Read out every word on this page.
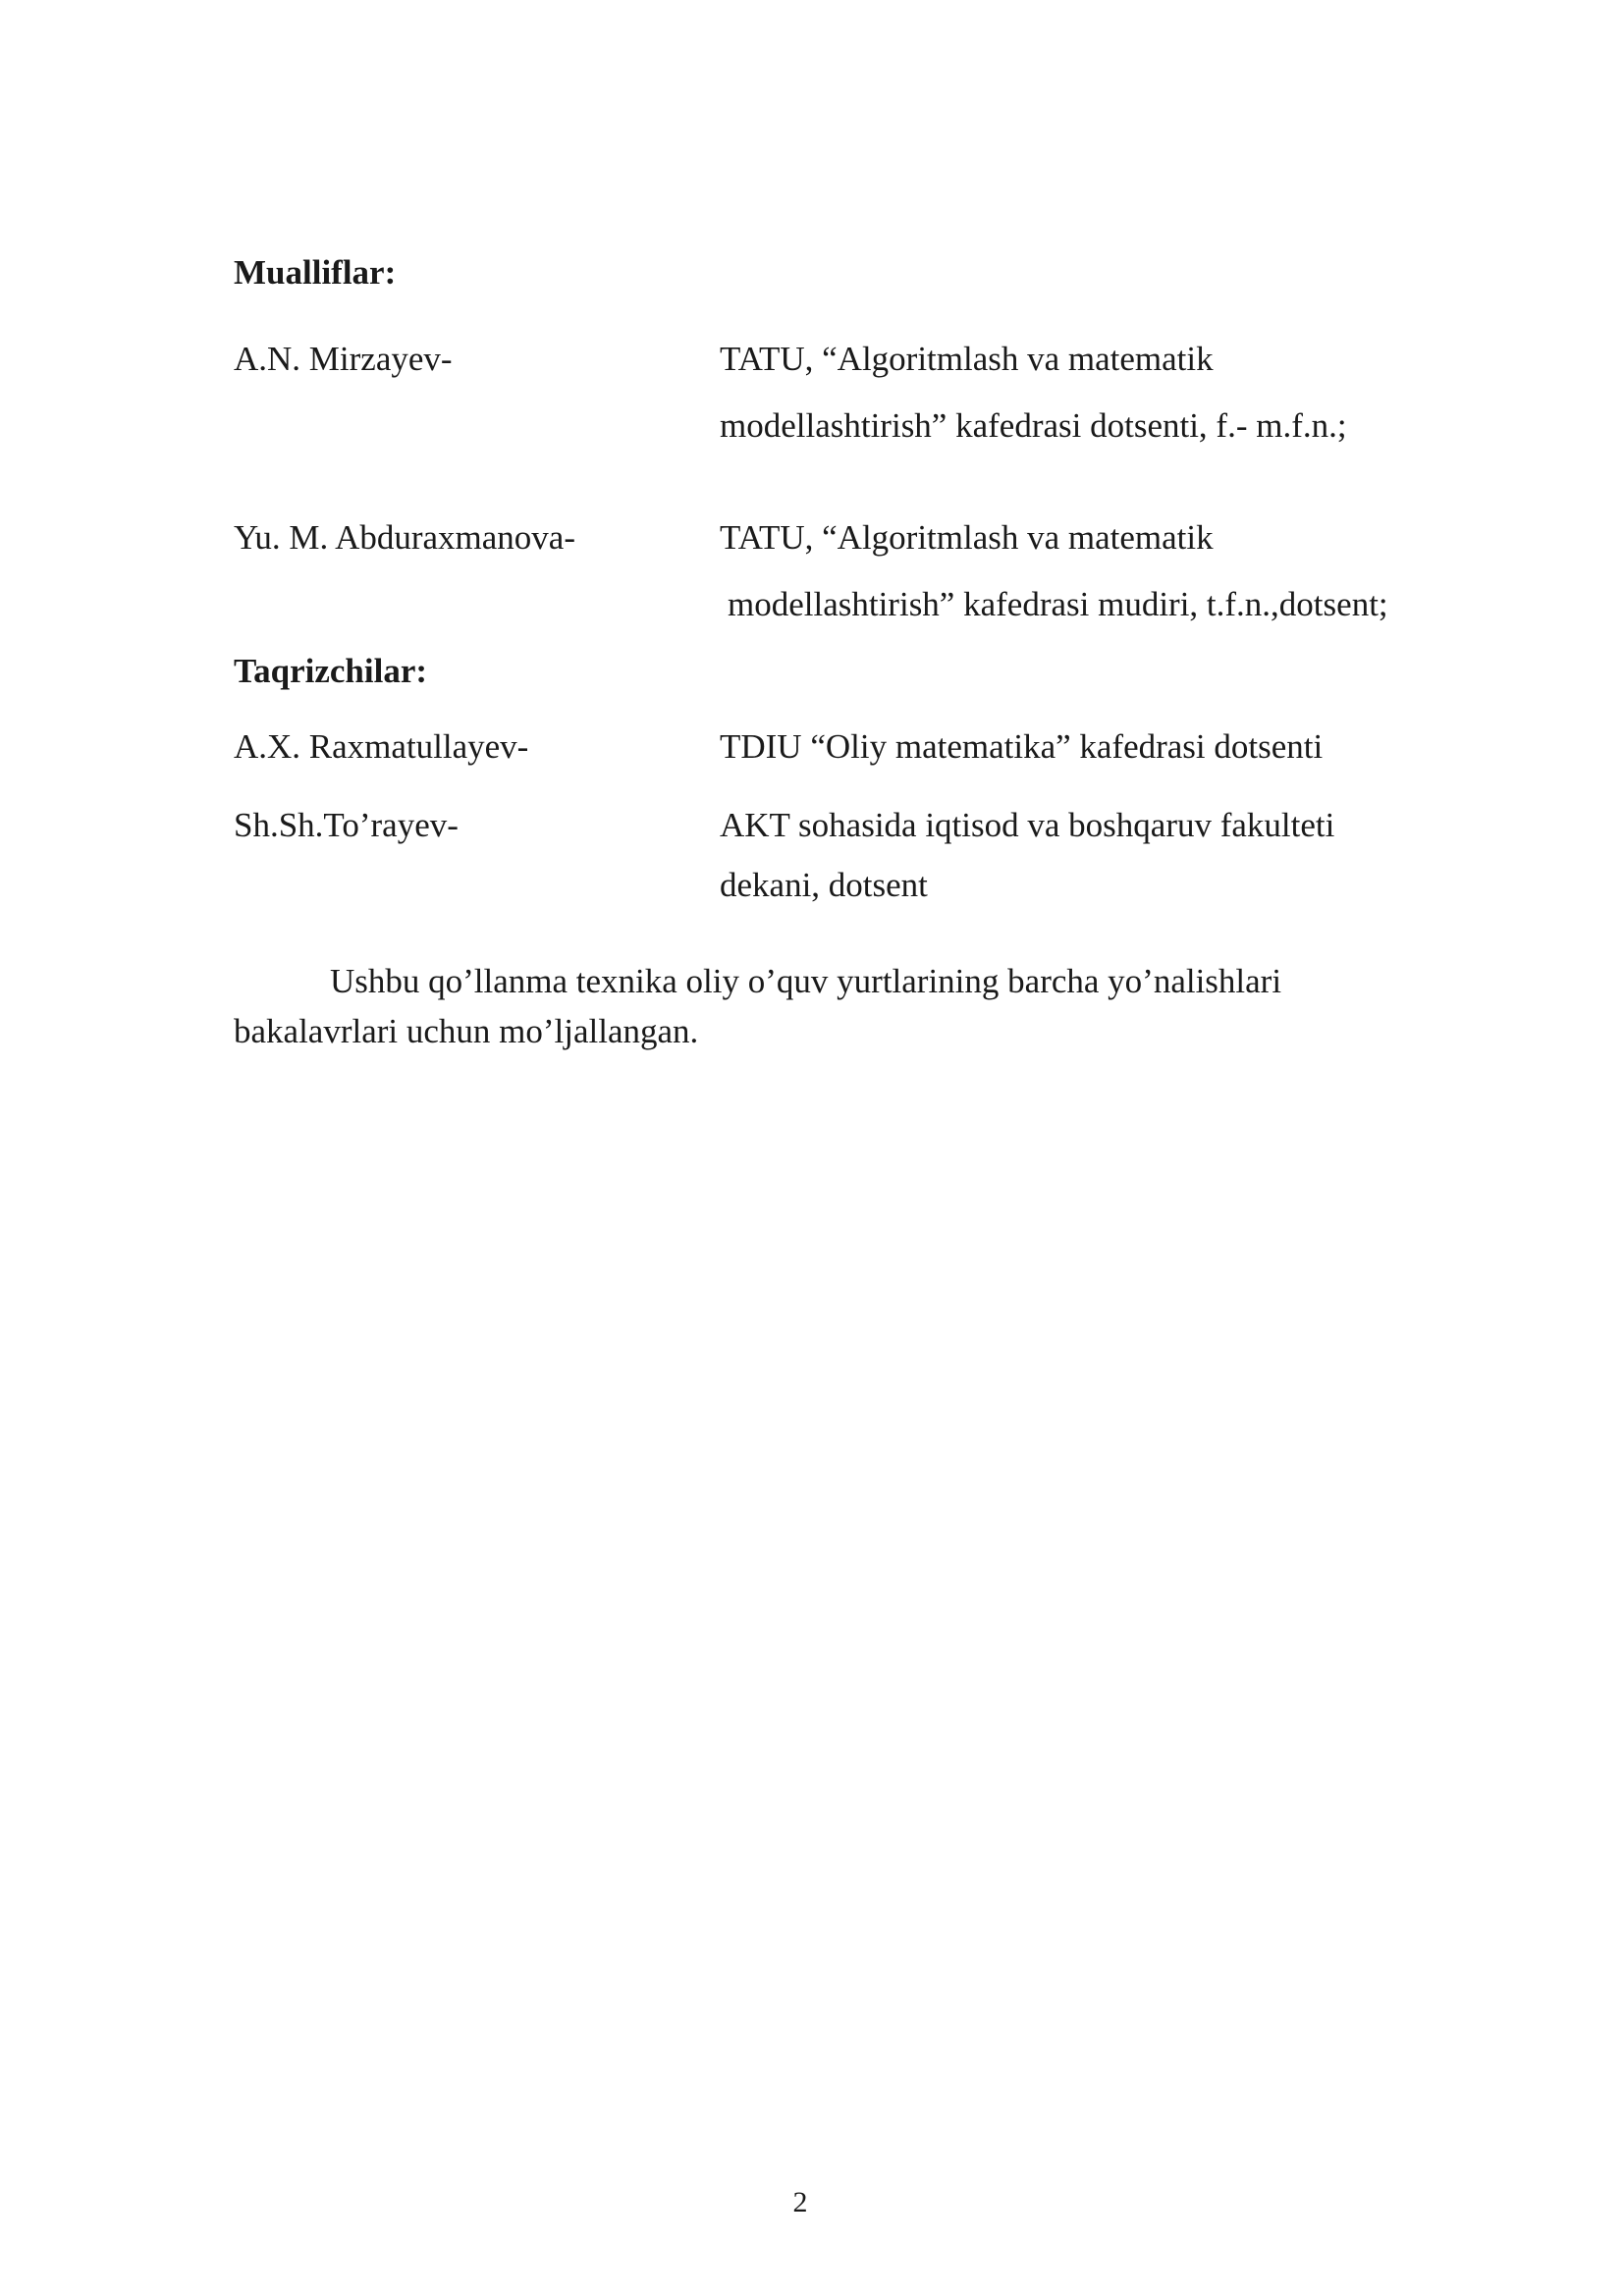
Mualliflar:
A.N. Mirzayev-	TATU, “Algoritmlash va matematik
modellashtirish” kafedrasi dotsenti, f.- m.f.n.;
Yu. M. Abduraxmanova-	TATU, “Algoritmlash va matematik
modellashtirish” kafedrasi mudiri, t.f.n.,dotsent;
Taqrizchilar:
A.X. Raxmatullayev-	TDIU “Oliy matematika” kafedrasi dotsenti
Sh.Sh.To’rayev-	AKT sohasida iqtisod va boshqaruv fakulteti
dekani, dotsent
Ushbu qo’llanma texnika oliy o’quv yurtlarining barcha yo’nalishlari
bakalavrlari uchun mo’ljallangan.
2
